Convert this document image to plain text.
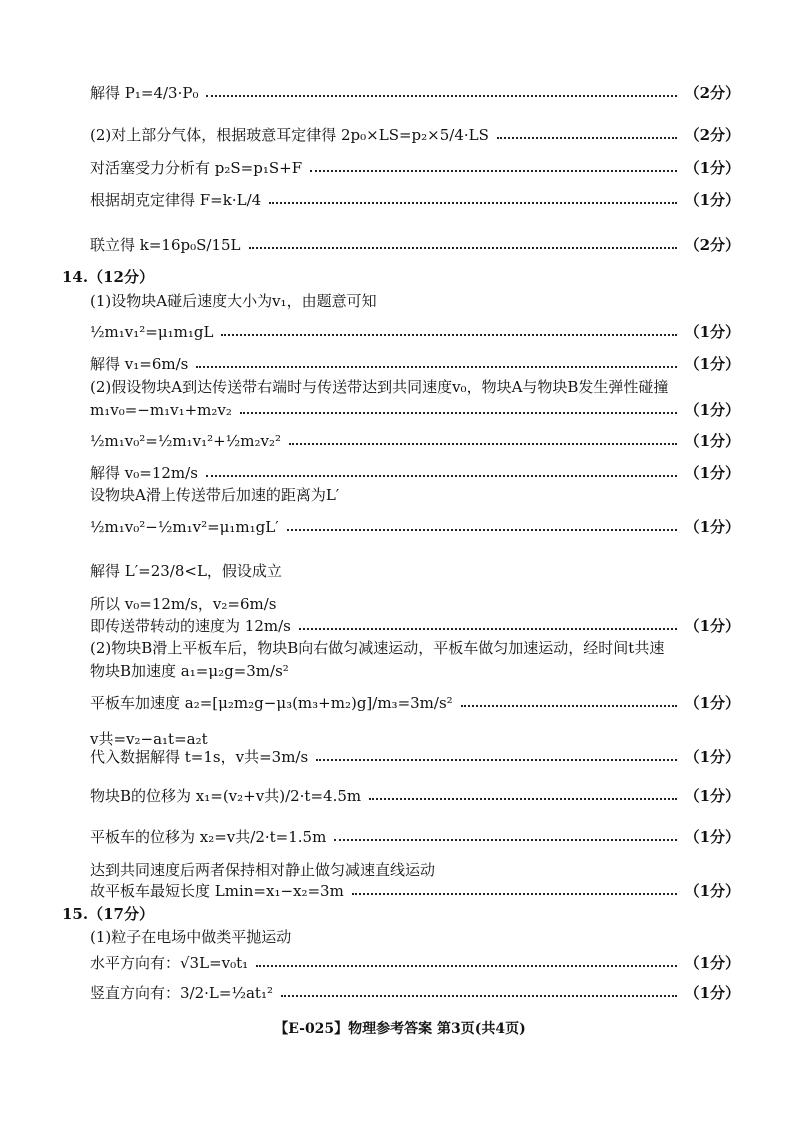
解得 P₁=4/3·P₀	（2分）
(2)对上部分气体，根据玻意耳定律得 2p₀×LS=p₂×5/4·LS	（2分）
对活塞受力分析有 p₂S=p₁S+F	（1分）
根据胡克定律得 F=k·L/4	（1分）
联立得 k=16p₀S/15L	（2分）
14.（12分）
(1)设物块A碰后速度大小为v₁，由题意可知
½m₁v₁²=μ₁m₁gL	（1分）
解得 v₁=6m/s	（1分）
(2)假设物块A到达传送带右端时与传送带达到共同速度v₀，物块A与物块B发生弹性碰撞
m₁v₀=−m₁v₁+m₂v₂	（1分）
½m₁v₀²=½m₁v₁²+½m₂v₂²	（1分）
解得 v₀=12m/s	（1分）
设物块A滑上传送带后加速的距离为L′
½m₁v₀²−½m₁v²=μ₁m₁gL′	（1分）
解得 L′=23/8<L，假设成立
所以 v₀=12m/s，v₂=6m/s
即传送带转动的速度为 12m/s	（1分）
(2)物块B滑上平板车后，物块B向右做匀减速运动，平板车做匀加速运动，经时间t共速
物块B加速度 a₁=μ₂g=3m/s²
平板车加速度 a₂=[μ₂m₂g−μ₃(m₃+m₂)g]/m₃=3m/s²	（1分）
v共=v₂−a₁t=a₂t
代入数据解得 t=1s，v共=3m/s	（1分）
物块B的位移为 x₁=(v₂+v共)/2·t=4.5m	（1分）
平板车的位移为 x₂=v共/2·t=1.5m	（1分）
达到共同速度后两者保持相对静止做匀减速直线运动
故平板车最短长度 Lmin=x₁−x₂=3m	（1分）
15.（17分）
(1)粒子在电场中做类平抛运动
水平方向有：√3L=v₀t₁	（1分）
竖直方向有：3/2·L=½at₁²	（1分）
【E-025】物理参考答案 第3页(共4页)
